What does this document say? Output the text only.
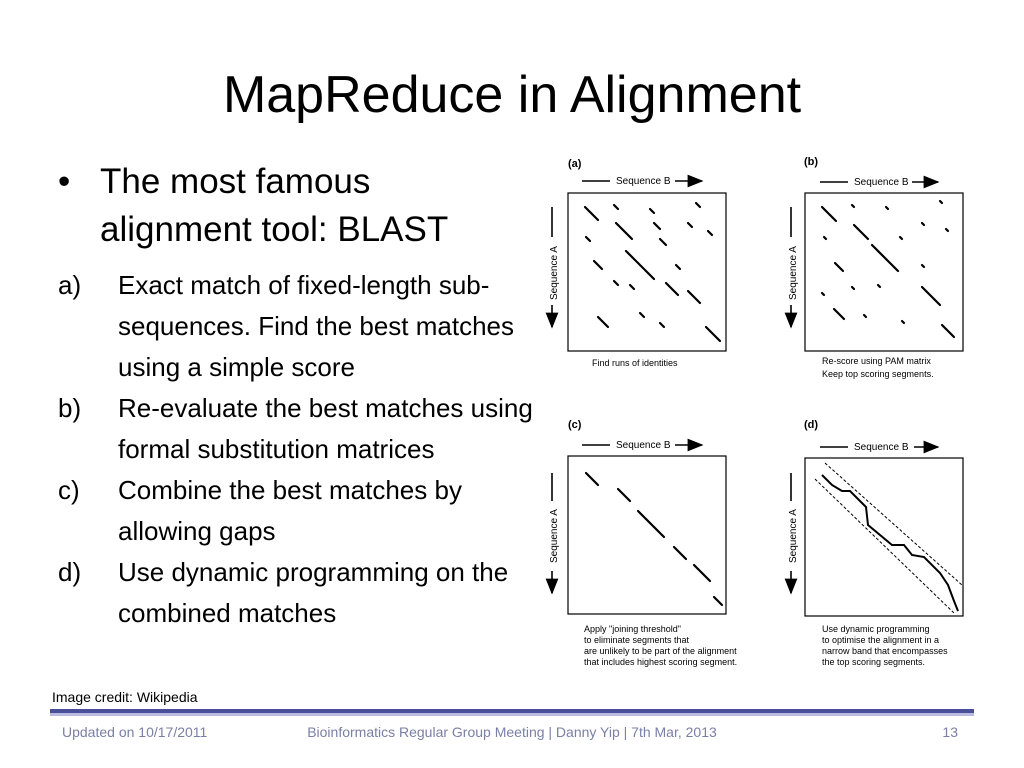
MapReduce in Alignment
• The most famous alignment tool: BLAST
a)	Exact match of fixed-length sub-sequences. Find the best matches using a simple score
b)	Re-evaluate the best matches using formal substitution matrices
c)	Combine the best matches by allowing gaps
d)	Use dynamic programming on the combined matches
(a)
Sequence B
Sequence A
Find runs of identities
(b)
Sequence B
Sequence A
Re-score using PAM matrix
Keep top scoring segments.
(c)
Sequence B
Sequence A
Apply "joining threshold"
to eliminate segments that
are unlikely to be part of the alignment
that includes highest scoring segment.
(d)
Sequence B
Sequence A
Use dynamic programming
to optimise the alignment in a
narrow band that encompasses
the top scoring segments.
Image credit: Wikipedia
Updated on 10/17/2011	Bioinformatics Regular Group Meeting | Danny Yip | 7th Mar, 2013	13
